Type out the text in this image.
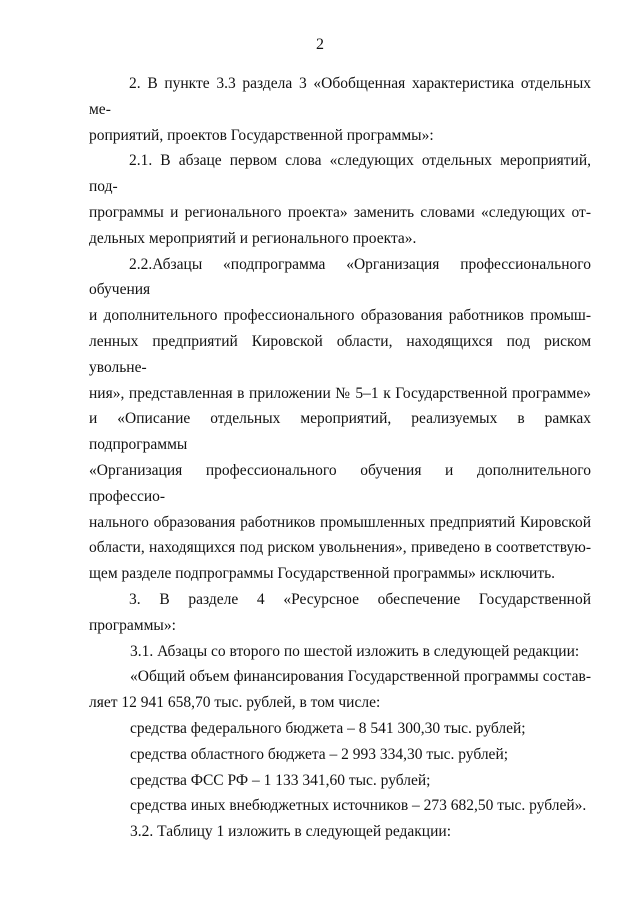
2

2. В пункте 3.3 раздела 3 «Обобщенная характеристика отдельных ме-

роприятий, проектов Государственной программы»:

2.1. В абзаце первом слова «следующих отдельных мероприятий, под-

программы и регионального проекта» заменить словами «следующих от-

дельных мероприятий и регионального проекта».

2.2.Абзацы «подпрограмма «Организация профессионального обучения

и дополнительного профессионального образования работников промыш-

ленных предприятий Кировской области, находящихся под риском увольне-

ния», представленная в приложении № 5–1 к Государственной программе»

и «Описание отдельных мероприятий, реализуемых в рамках подпрограммы

«Организация профессионального обучения и дополнительного профессио-

нального образования работников промышленных предприятий Кировской

области, находящихся под риском увольнения», приведено в соответствую-

щем разделе подпрограммы Государственной программы» исключить.

3. В разделе 4 «Ресурсное обеспечение Государственной программы»:

3.1. Абзацы со второго по шестой изложить в следующей редакции:

«Общий объем финансирования Государственной программы состав-

ляет 12 941 658,70 тыс. рублей, в том числе:

средства федерального бюджета – 8 541 300,30 тыс. рублей;

средства областного бюджета – 2 993 334,30 тыс. рублей;

средства ФСС РФ – 1 133 341,60 тыс. рублей;

средства иных внебюджетных источников – 273 682,50 тыс. рублей».

3.2. Таблицу 1 изложить в следующей редакции:
